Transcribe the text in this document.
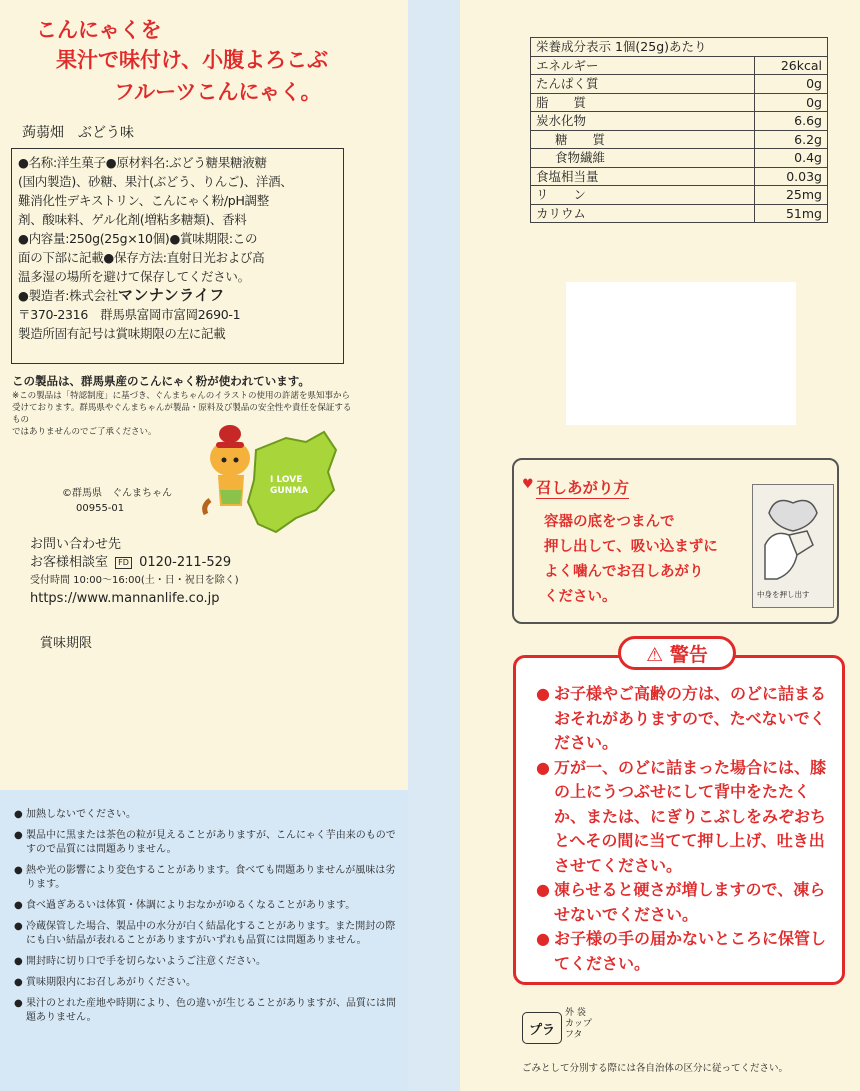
こんにゃくを
果汁で味付け、小腹よろこぶ
フルーツこんにゃく。
蒟蒻畑　ぶどう味
●名称:洋生菓子●原材料名:ぶどう糖果糖液糖
(国内製造)、砂糖、果汁(ぶどう、りんご)、洋酒、
難消化性デキストリン、こんにゃく粉/pH調整
剤、酸味料、ゲル化剤(増粘多糖類)、香料
●内容量:250g(25g×10個)●賞味期限:この
面の下部に記載●保存方法:直射日光および高
温多湿の場所を避けて保存してください。
●製造者:株式会社マンナンライフ
〒370-2316　群馬県富岡市富岡2690-1
製造所固有記号は賞味期限の左に記載
この製品は、群馬県産のこんにゃく粉が使われています。
※この製品は「特認制度」に基づき、ぐんまちゃんのイラストの使用の許諾を県知事から
受けております。群馬県やぐんまちゃんが製品・原料及び製品の安全性や責任を保証するもの
ではありませんのでご了承ください。
I LOVE
GUNMA
©群馬県　ぐんまちゃん
00955-01
お問い合わせ先
お客様相談室 FD 0120-211-529
受付時間 10:00〜16:00(土・日・祝日を除く)
https://www.mannanlife.co.jp
賞味期限
● 加熱しないでください。
● 製品中に黒または茶色の粒が見えることがありますが、こんにゃく芋由来のものですので品質には問題ありません。
● 熱や光の影響により変色することがあります。食べても問題ありませんが風味は劣ります。
● 食べ過ぎあるいは体質・体調によりおなかがゆるくなることがあります。
● 冷蔵保管した場合、製品中の水分が白く結晶化することがあります。また開封の際にも白い結晶が表れることがありますがいずれも品質には問題ありません。
● 開封時に切り口で手を切らないようご注意ください。
● 賞味期限内にお召しあがりください。
● 果汁のとれた産地や時期により、色の違いが生じることがありますが、品質には問題ありません。
栄養成分表示 1個(25g)あたり	
エネルギー	26kcal
たんぱく質	0g
脂　　質	0g
炭水化物	6.6g
糖　　質	6.2g
食物繊維	0.4g
食塩相当量	0.03g
リ　　ン	25mg
カリウム	51mg
♥ 召しあがり方
容器の底をつまんで
押し出して、吸い込まずに
よく噛んでお召しあがり
ください。	中身を押し出す
● お子様やご高齢の方は、のどに詰まるおそれがありますので、たべないでください。
● 万が一、のどに詰まった場合には、膝の上にうつぶせにして背中をたたくか、または、にぎりこぶしをみぞおちとへその間に当てて押し上げ、吐き出させてください。
● 凍らせると硬さが増しますので、凍らせないでください。
● お子様の手の届かないところに保管してください。
⚠ 警告
プラ
外 袋
カップ
フタ
ごみとして分別する際には各自治体の区分に従ってください。
